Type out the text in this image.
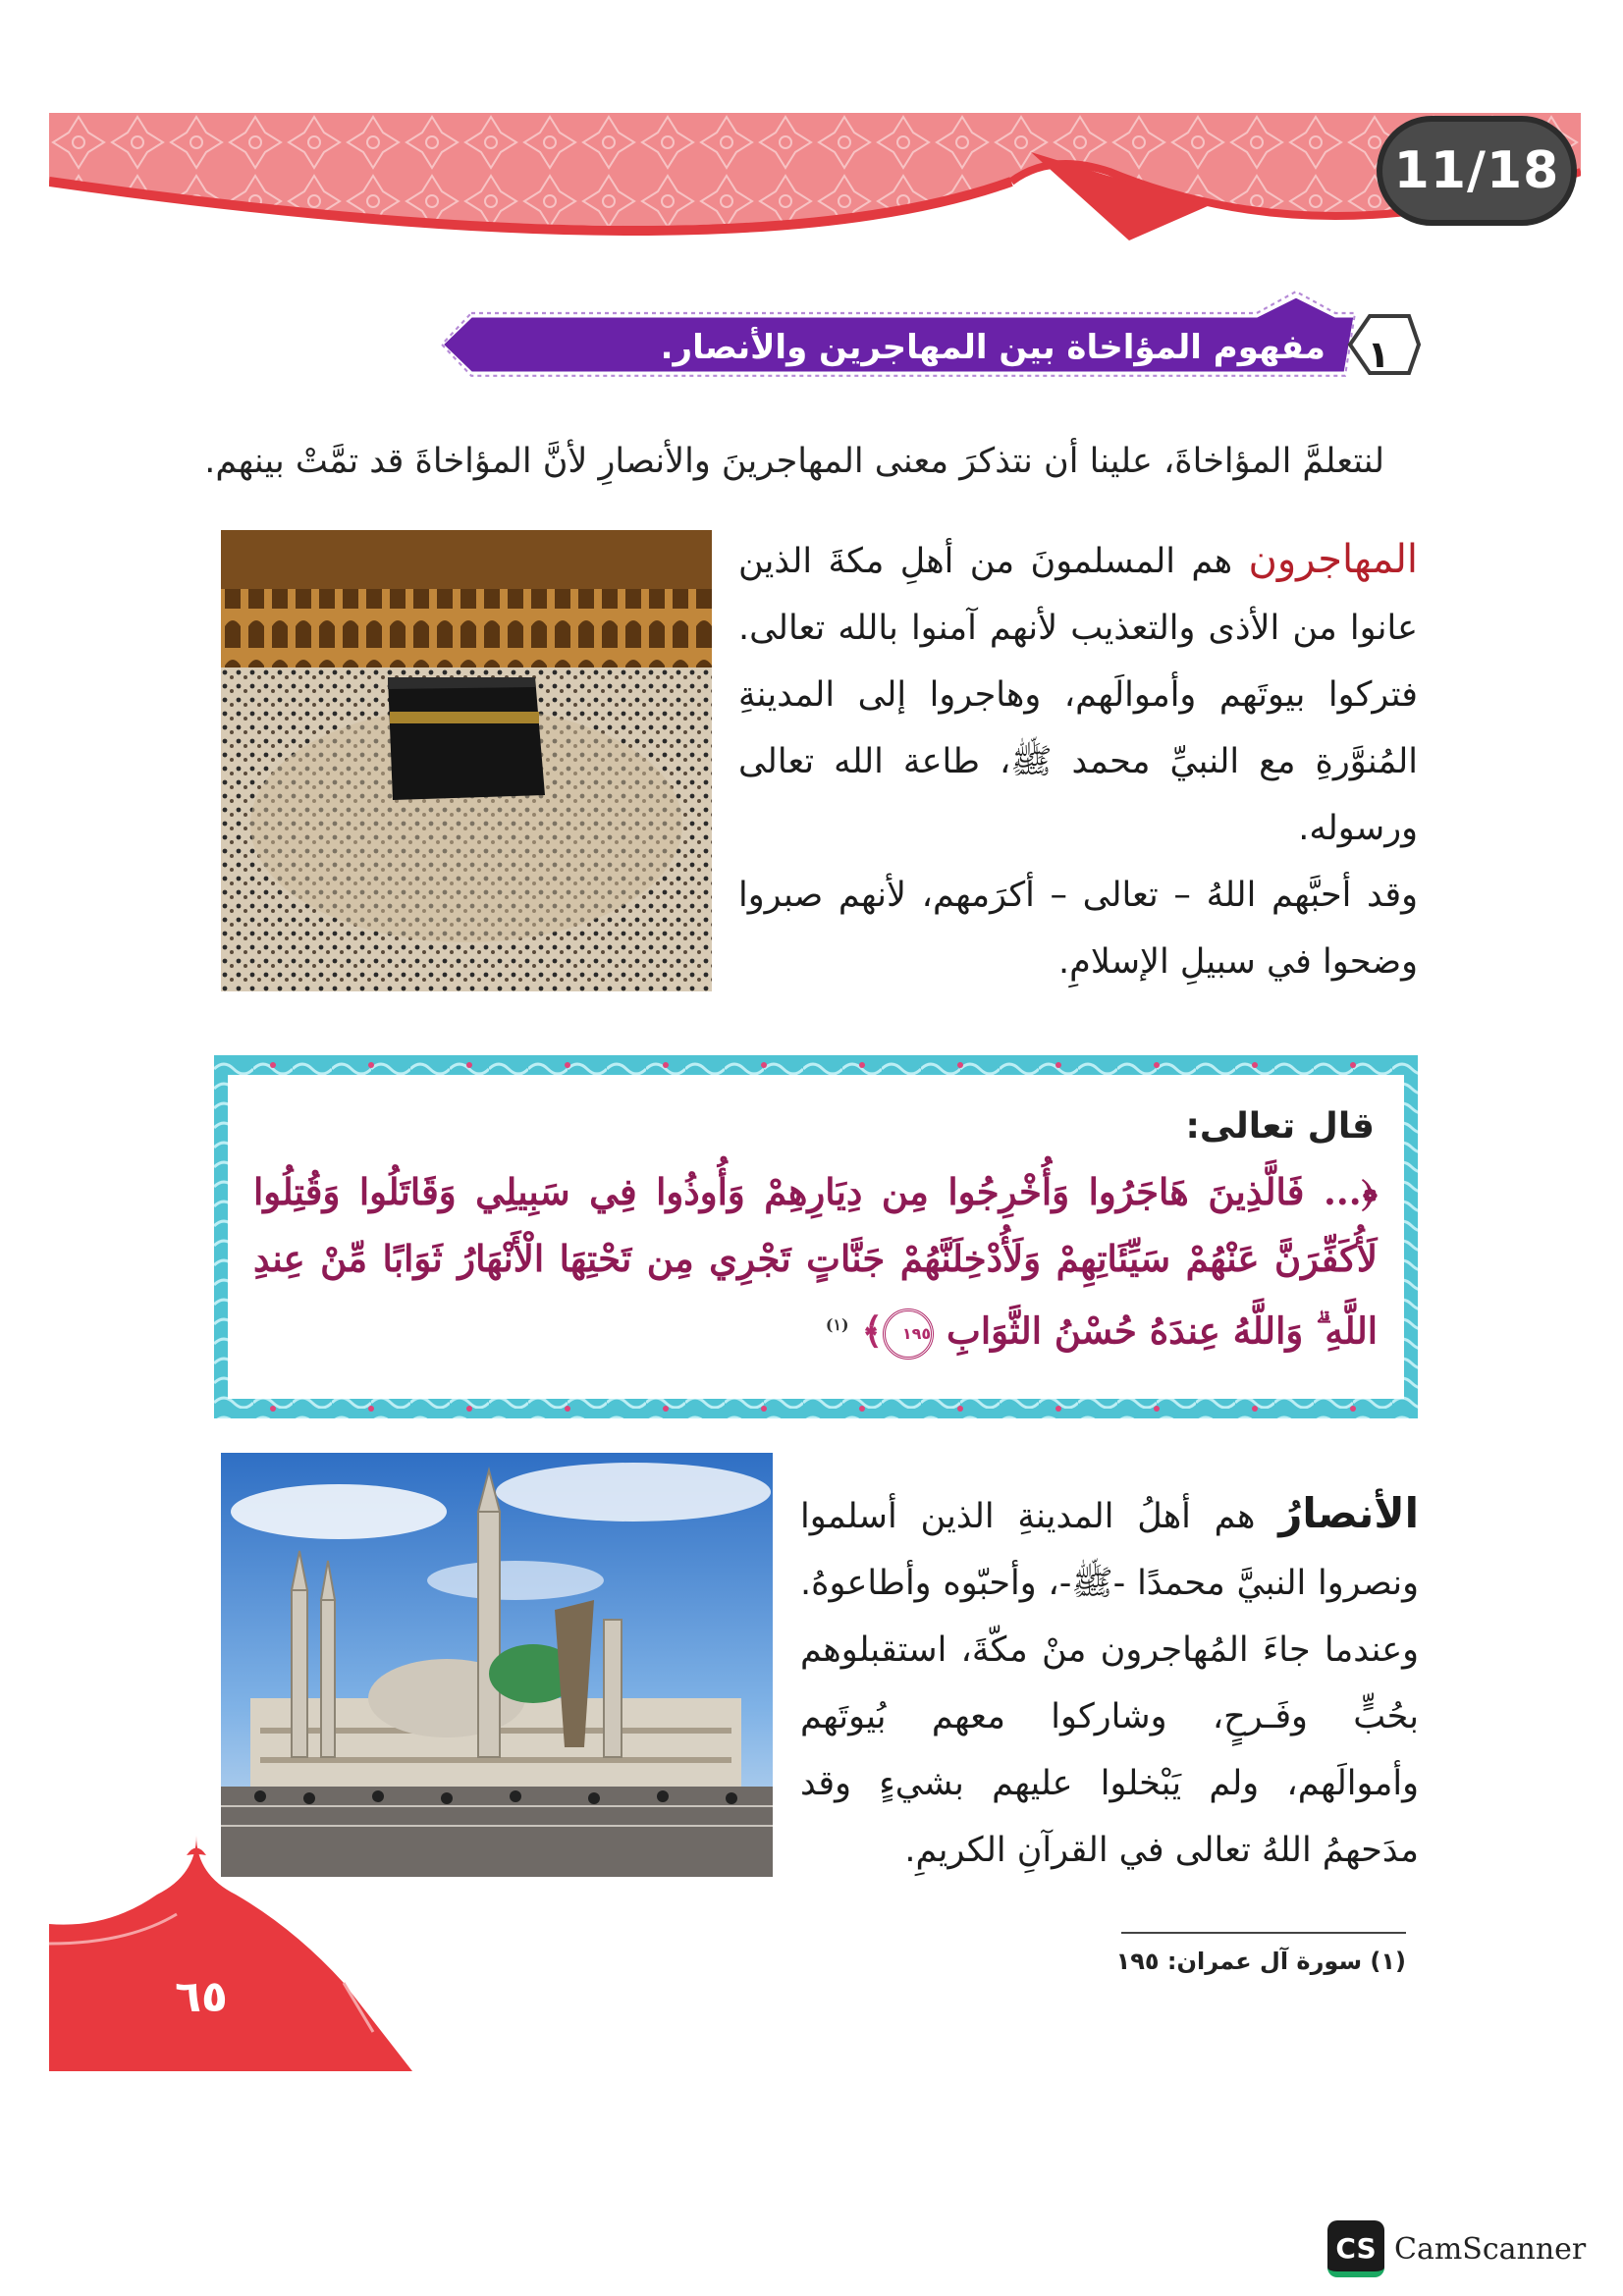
11/18
١
مفهوم المؤاخاة بين المهاجرين والأنصار.
لنتعلمَّ المؤاخاةَ، علينا أن نتذكرَ معنى المهاجرينَ والأنصارِ لأنَّ المؤاخاةَ قد تمَّتْ بينهم.
المهاجرون هم المسلمونَ من أهلِ مكةَ الذين عانوا من الأذى والتعذيب لأنهم آمنوا بالله تعالى. فتركوا بيوتَهم وأموالَهم، وهاجروا إلى المدينةِ المُنوَّرةِ مع النبيِّ محمد ﷺ، طاعة الله تعالى ورسوله.
وقد أحبَّهم اللهُ – تعالى – أكرَمهم، لأنهم صبروا وضحوا في سبيلِ الإسلامِ.
قال تعالى:
﴿... فَالَّذِينَ هَاجَرُوا وَأُخْرِجُوا مِن دِيَارِهِمْ وَأُوذُوا فِي سَبِيلِي وَقَاتَلُوا وَقُتِلُوا لَأُكَفِّرَنَّ عَنْهُمْ سَيِّئَاتِهِمْ وَلَأُدْخِلَنَّهُمْ جَنَّاتٍ تَجْرِي مِن تَحْتِهَا الْأَنْهَارُ ثَوَابًا مِّنْ عِندِ اللَّهِ ۗ وَاللَّهُ عِندَهُ حُسْنُ الثَّوَابِ ١٩٥﴾ $^{(١)}$
الأنصارُ هم أهلُ المدينةِ الذين أسلموا ونصروا النبيَّ محمدًا -ﷺ-، وأحبّوه وأطاعوهُ. وعندما جاءَ المُهاجرون منْ مكّةَ، استقبلوهم بحُبٍّ وفَـرحٍ، وشاركوا معهم بُيوتَهم وأموالَهم، ولم يَبْخلوا عليهم بشيءٍ وقد مدَحهمُ اللهُ تعالى في القرآنِ الكريمِ.
(١) سورة آل عمران: ١٩٥
٦٥
CS CamScanner
